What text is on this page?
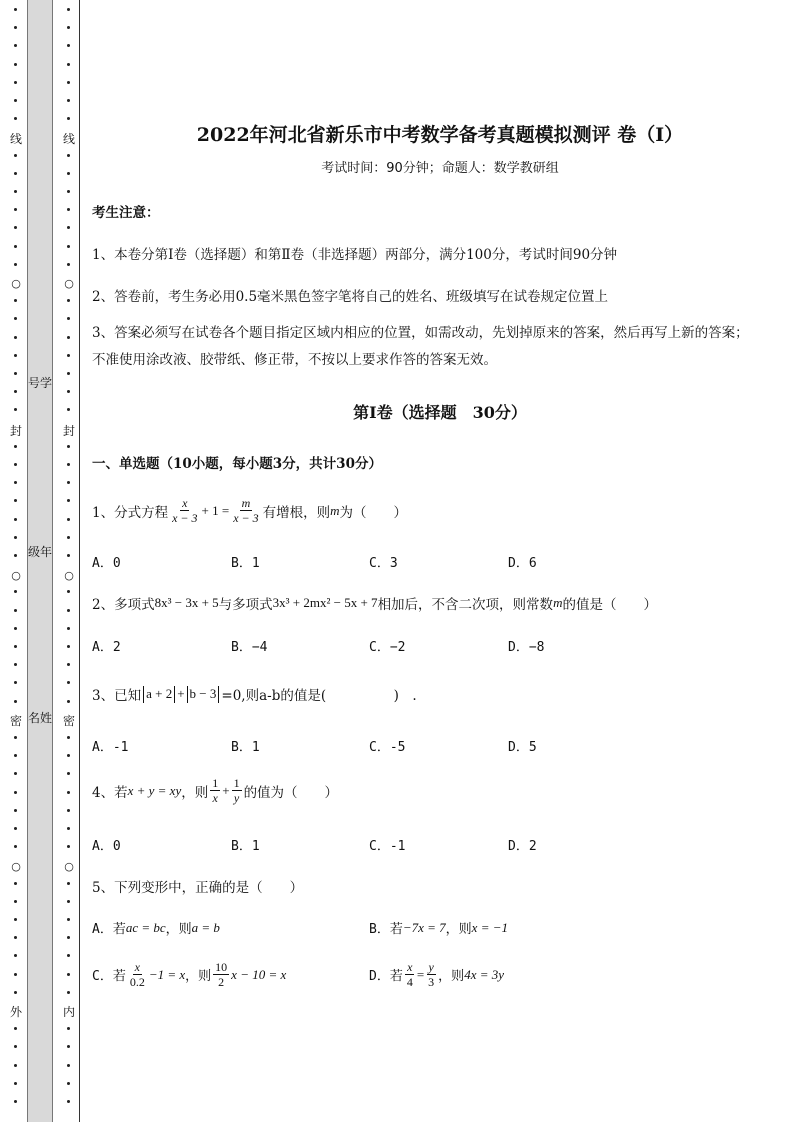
线
○
封
○
密
○
外
线
○
封
○
密
○
内
号学
级年
名姓
2022年河北省新乐市中考数学备考真题模拟测评 卷（Ⅰ）
考试时间：90分钟；命题人：数学教研组
考生注意：
1、本卷分第Ⅰ卷（选择题）和第Ⅱ卷（非选择题）两部分，满分100分，考试时间90分钟
2、答卷前，考生务必用0.5毫米黑色签字笔将自己的姓名、班级填写在试卷规定位置上
3、答案必须写在试卷各个题目指定区域内相应的位置，如需改动，先划掉原来的答案，然后再写上新的答案；不准使用涂改液、胶带纸、修正带，不按以上要求作答的答案无效。
第Ⅰ卷（选择题　30分）
一、单选题（10小题，每小题3分，共计30分）
1、分式方程 $\frac{x}{x - 3} + 1 = \frac{m}{x - 3}$ 有增根，则 m 为（　　）
A．0	B．1	C．3	D．6
2、多项式 8x³ − 3x + 5 与多项式 3x³ + 2mx² − 5x + 7 相加后，不含二次项，则常数 m 的值是（　　）
A．2	B．−4	C．−2	D．−8
3、已知 a + 2 + b − 3 =0,则a-b的值是(　　　　　)　.
A．-1	B．1	C．-5	D．5
4、若 x + y = xy ，则 $\frac{1}{x} + \frac{1}{y}$ 的值为（　　）
A．0	B．1	C．-1	D．2
5、下列变形中，正确的是（　　）
A．若 ac = bc ，则 a = b	B．若 −7x = 7 ，则 x = −1
C．若 $\frac{x}{0.2} -1 = x$ ，则 $\frac{10}{2}$ x − 10 = x	D．若 $\frac{x}{4} = \frac{y}{3}$ ，则 4x = 3y
